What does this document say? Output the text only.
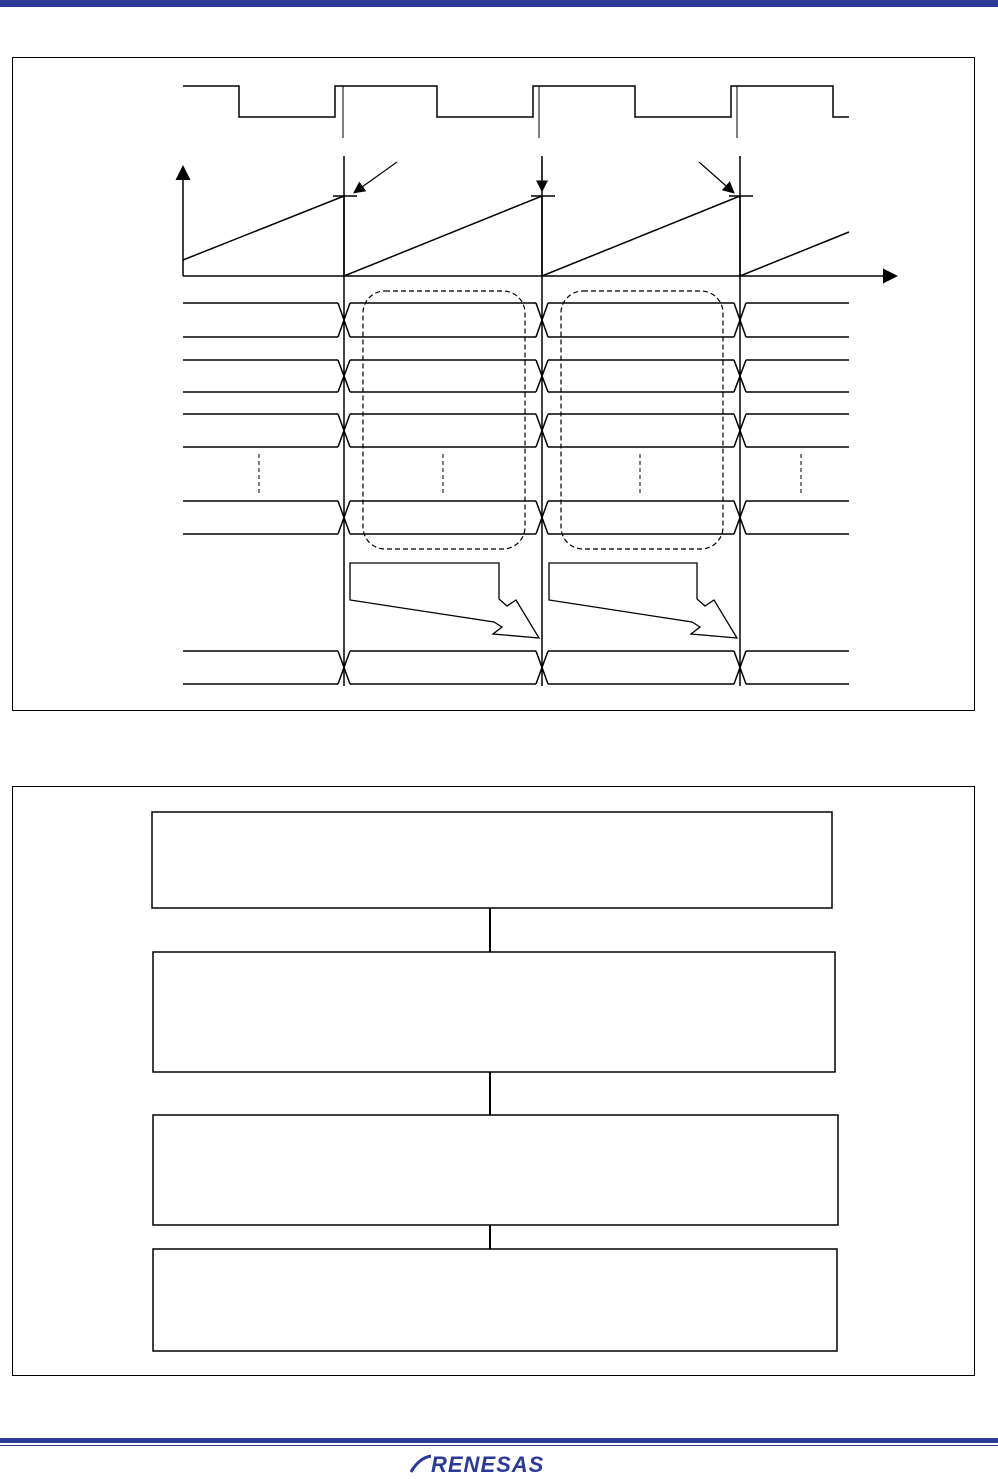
RENESAS
